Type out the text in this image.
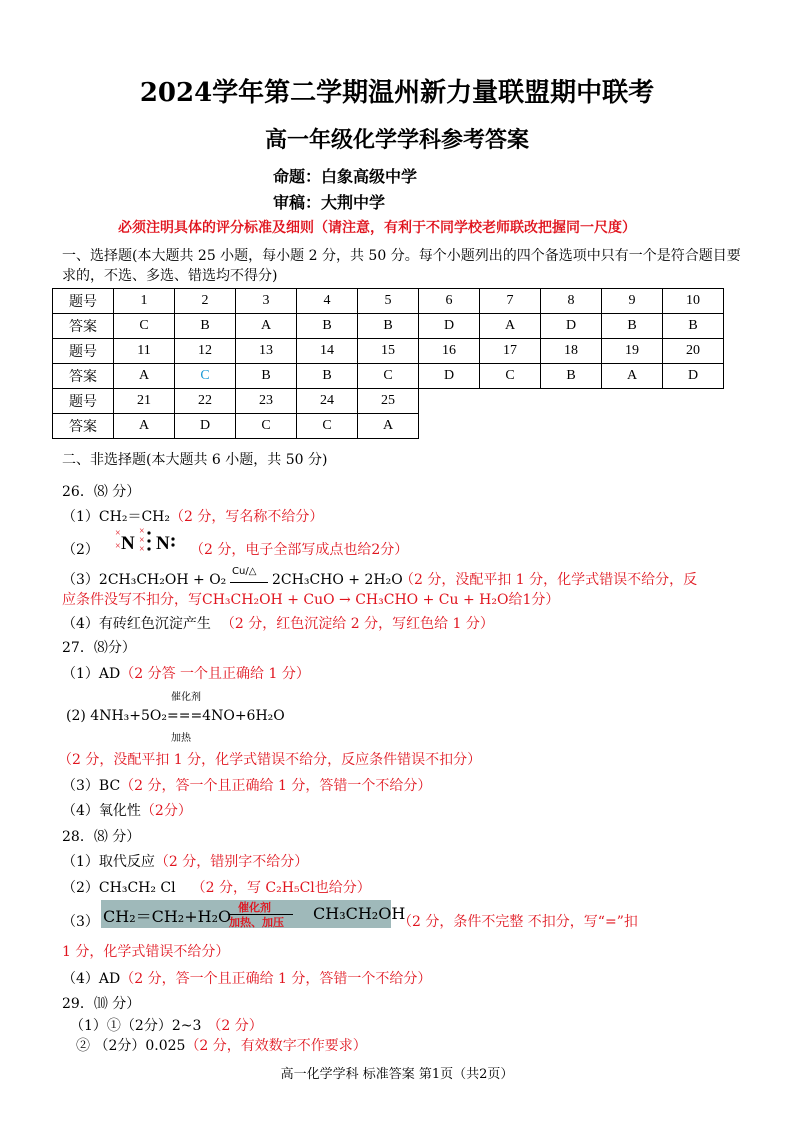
2024学年第二学期温州新力量联盟期中联考
高一年级化学学科参考答案
命题：白象高级中学
审稿：大荆中学
必须注明具体的评分标准及细则（请注意，有利于不同学校老师联改把握同一尺度）
一、选择题(本大题共 25 小题，每小题 2 分，共 50 分。每个小题列出的四个备选项中只有一个是符合题目要求的，不选、多选、错选均不得分)
题号	1	2	3	4	5	6	7	8	9	10
答案	C	B	A	B	B	D	A	D	B	B
题号	11	12	13	14	15	16	17	18	19	20
答案	A	C	B	B	C	D	C	B	A	D
题号	21	22	23	24	25					
答案	A	D	C	C	A					
二、非选择题(本大题共 6 小题，共 50 分)
26．⑻ 分）
（1）CH₂＝CH₂（2 分，写名称不给分）
（2）
×
×
×
×
×
N N （2 分，电子全部写成点也给2分）
（3）2CH₃CH₂OH + O₂
Cu/△
2CH₃CHO + 2H₂O
（2 分，没配平扣 1 分，化学式错误不给分，反
应条件没写不扣分，写CH₃CH₂OH + CuO → CH₃CHO + Cu + H₂O给1分）
（4）有砖红色沉淀产生 （2 分，红色沉淀给 2 分，写红色给 1 分）
27．⑻分）
（1）AD（2 分答 一个且正确给 1 分）
催化剂
(2) 4NH₃+5O₂===4NO+6H₂O
加热
（2 分，没配平扣 1 分，化学式错误不给分，反应条件错误不扣分）
（3）BC（2 分，答一个且正确给 1 分，答错一个不给分）
（4）氧化性（2分）
28．⑻ 分）
（1）取代反应（2 分，错别字不给分）
（2）CH₃CH₂ Cl （2 分，写 C₂H₅Cl也给分）
（3） CH₂＝CH₂+H₂O 催化剂
加热、加压 CH₃CH₂OH
（2 分，条件不完整 不扣分，写“=”扣
1 分，化学式错误不给分）
（4）AD（2 分，答一个且正确给 1 分，答错一个不给分）
29．⑽ 分）
（1）①（2分）2~3 （2 分）
② （2分）0.025（2 分，有效数字不作要求）
高一化学学科 标准答案 第1页（共2页）
